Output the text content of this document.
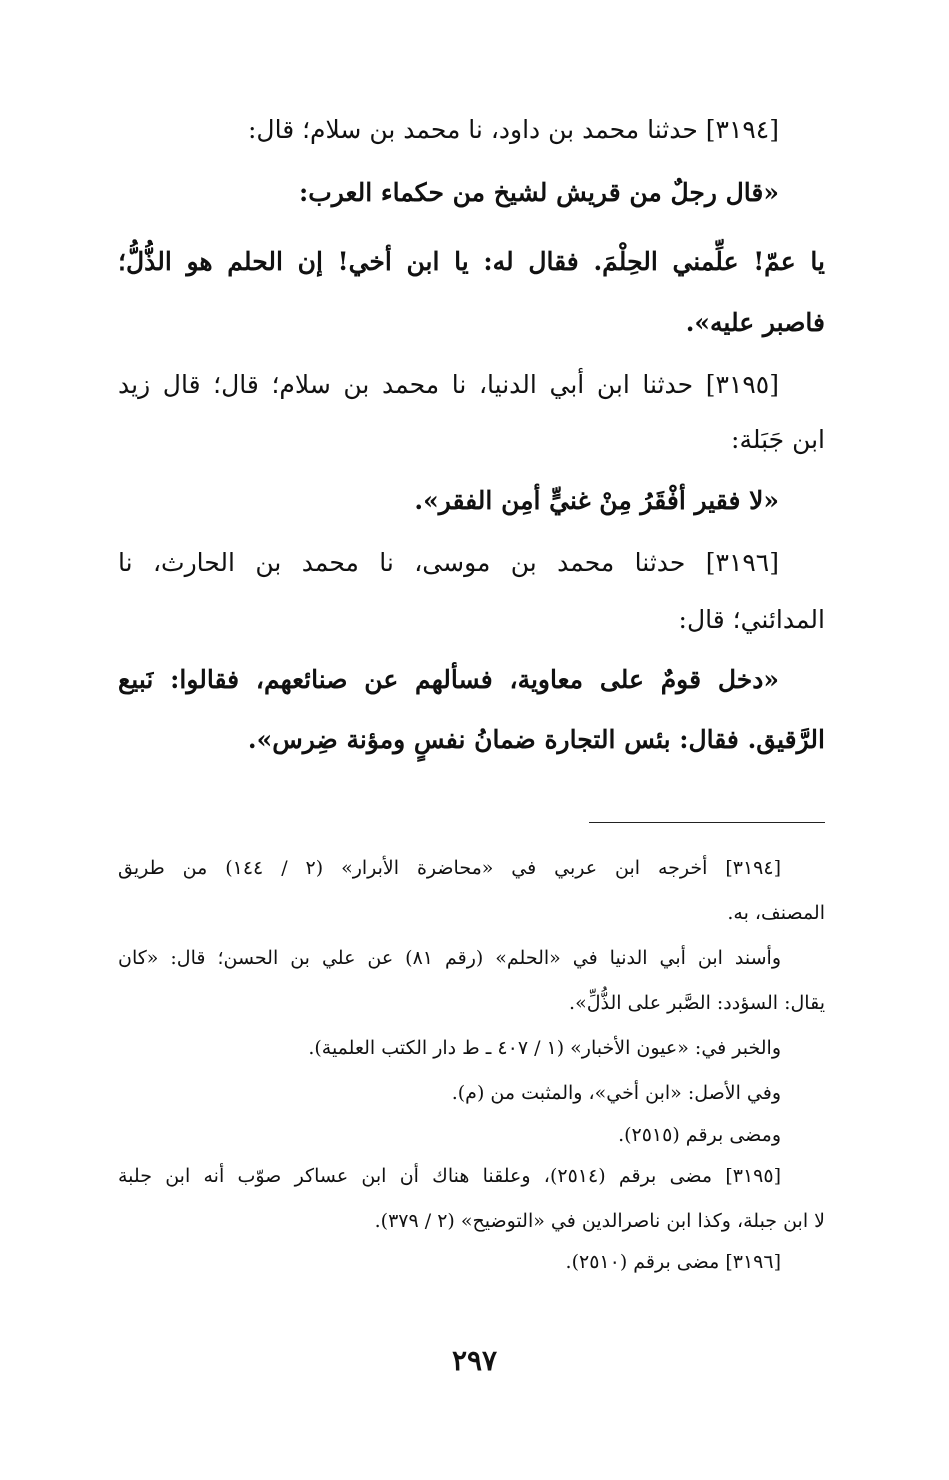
[٣١٩٤] حدثنا محمد بن داود، نا محمد بن سلام؛ قال:
«قال رجلٌ من قريش لشيخ من حكماء العرب:
يا عمّ! علِّمني الحِلْمَ. فقال له: يا ابن أخي! إن الحلم هو الذُّلُّ؛
فاصبر عليه».
[٣١٩٥] حدثنا ابن أبي الدنيا، نا محمد بن سلام؛ قال؛ قال زيد
ابن جَبَلة:
«لا فقير أفْقَرُ مِنْ غنيٍّ أمِن الفقر».
[٣١٩٦] حدثنا محمد بن موسى، نا محمد بن الحارث، نا
المدائني؛ قال:
«دخل قومٌ على معاوية، فسألهم عن صنائعهم، فقالوا: نَبيع
الرَّقيق. فقال: بئس التجارة ضمانُ نفسٍ ومؤنة ضِرس».
[٣١٩٤] أخرجه ابن عربي في «محاضرة الأبرار» (٢ / ١٤٤) من طريق
المصنف، به.
وأسند ابن أبي الدنيا في «الحلم» (رقم ٨١) عن علي بن الحسن؛ قال: «كان
يقال: السؤدد: الصَّبر على الذُّلِّ».
والخبر في: «عيون الأخبار» (١ / ٤٠٧ ـ ط دار الكتب العلمية).
وفي الأصل: «ابن أخي»، والمثبت من (م).
ومضى برقم (٢٥١٥).
[٣١٩٥] مضى برقم (٢٥١٤)، وعلقنا هناك أن ابن عساكر صوّب أنه ابن جلبة
لا ابن جبلة، وكذا ابن ناصرالدين في «التوضيح» (٢ / ٣٧٩).
[٣١٩٦] مضى برقم (٢٥١٠).
٢٩٧
